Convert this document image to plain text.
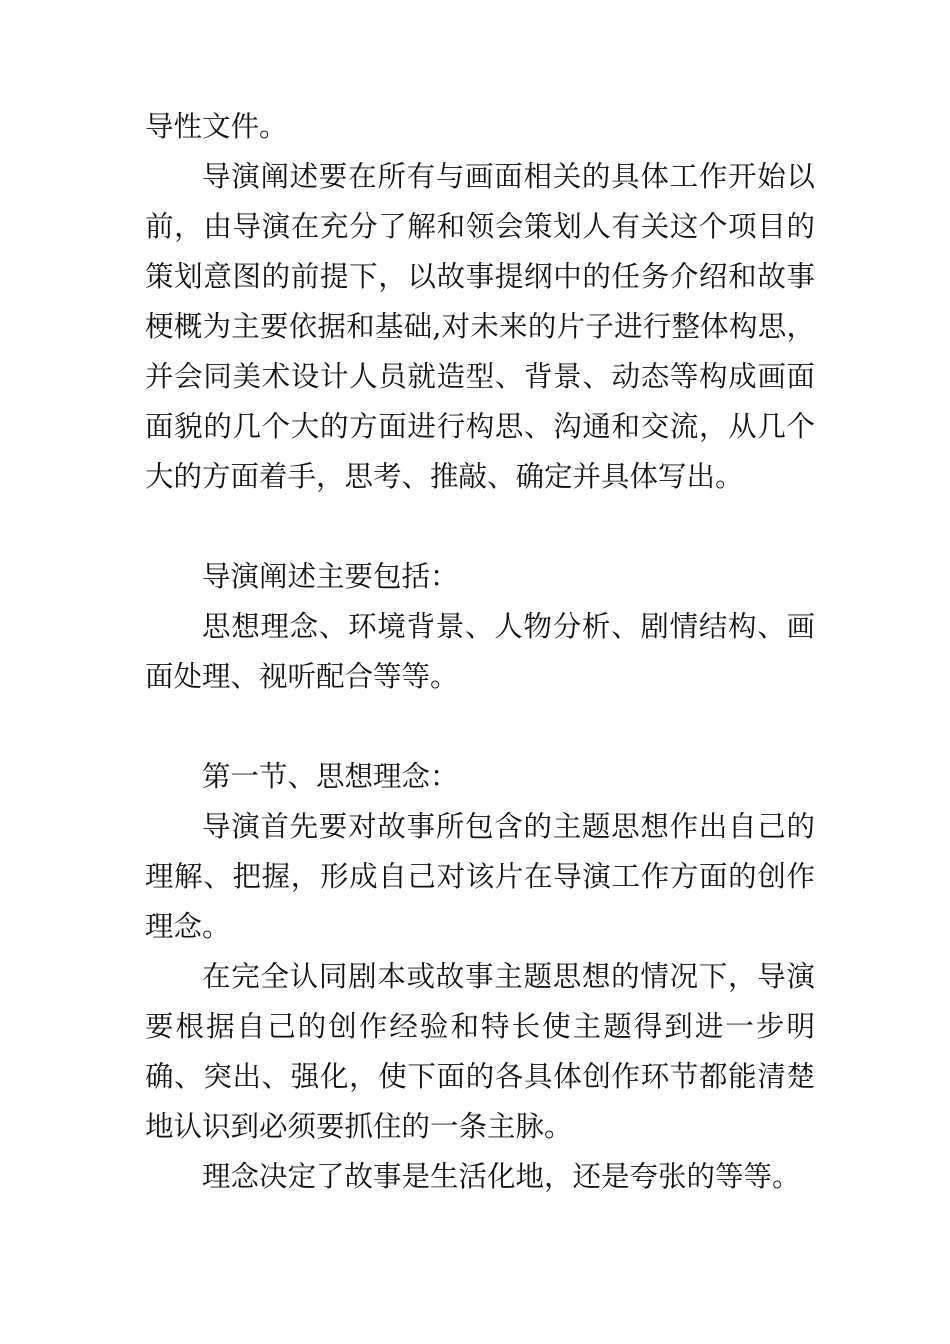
导性文件。

导演阐述要在所有与画面相关的具体工作开始以前，由导演在充分了解和领会策划人有关这个项目的策划意图的前提下，以故事提纲中的任务介绍和故事梗概为主要依据和基础,对未来的片子进行整体构思，并会同美术设计人员就造型、背景、动态等构成画面面貌的几个大的方面进行构思、沟通和交流，从几个大的方面着手，思考、推敲、确定并具体写出。

导演阐述主要包括：

思想理念、环境背景、人物分析、剧情结构、画面处理、视听配合等等。

第一节、思想理念：

导演首先要对故事所包含的主题思想作出自己的理解、把握，形成自己对该片在导演工作方面的创作理念。

在完全认同剧本或故事主题思想的情况下，导演要根据自己的创作经验和特长使主题得到进一步明确、突出、强化，使下面的各具体创作环节都能清楚地认识到必须要抓住的一条主脉。

理念决定了故事是生活化地，还是夸张的等等。
